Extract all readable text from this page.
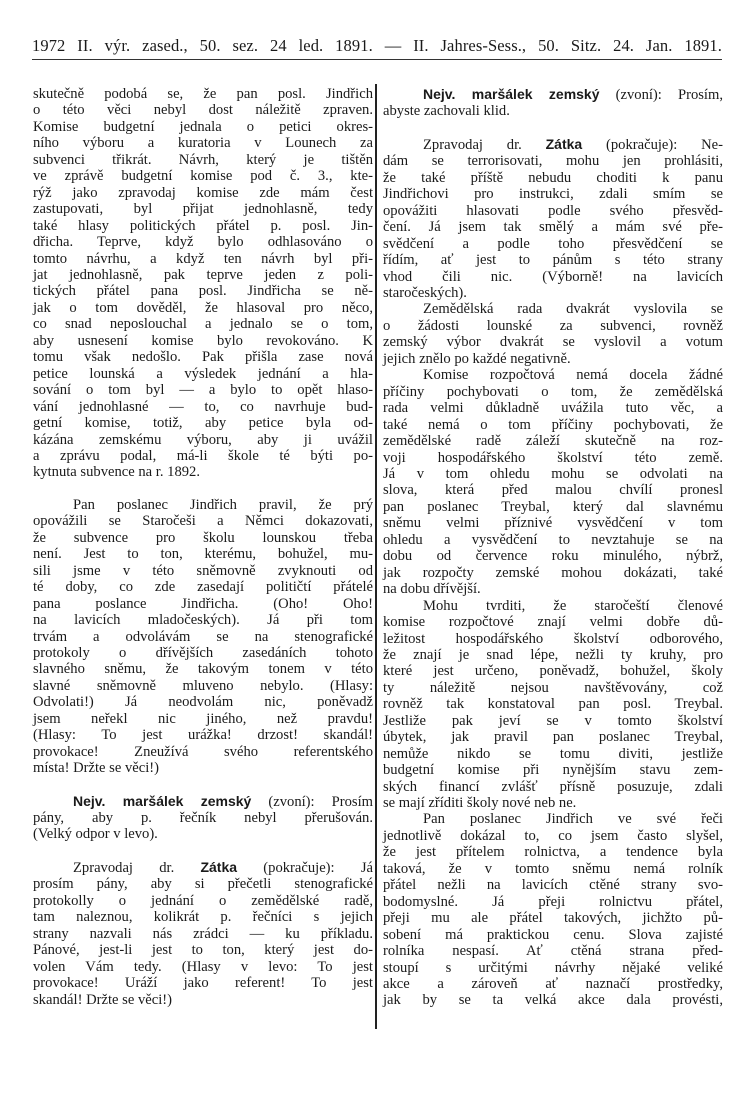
1972 II. výr. zased., 50. sez. 24 led. 1891. — II. Jahres-Sess., 50. Sitz. 24. Jan. 1891.
skutečně podobá se, že pan posl. Jindřich
o této věci nebyl dost náležitě zpraven.
Komise budgetní jednala o petici okres-
ního výboru a kuratoria v Lounech za
subvenci třikrát. Návrh, který je tištěn
ve zprávě budgetní komise pod č. 3., kte-
rýž jako zpravodaj komise zde mám čest
zastupovati, byl přijat jednohlasně, tedy
také hlasy politických přátel p. posl. Jin-
dřicha. Teprve, když bylo odhlasováno o
tomto návrhu, a když ten návrh byl při-
jat jednohlasně, pak teprve jeden z poli-
tických přátel pana posl. Jindřicha se ně-
jak o tom dověděl, že hlasoval pro něco,
co snad neposlouchal a jednalo se o tom,
aby usnesení komise bylo revokováno. K
tomu však nedošlo. Pak přišla zase nová
petice lounská a výsledek jednání a hla-
sování o tom byl — a bylo to opět hlaso-
vání jednohlasné — to, co navrhuje bud-
getní komise, totiž, aby petice byla od-
kázána zemskému výboru, aby ji uvážil
a zprávu podal, má-li škole té býti po-
kytnuta subvence na r. 1892.
Pan poslanec Jindřich pravil, že prý
opovážili se Staročeši a Němci dokazovati,
že subvence pro školu lounskou třeba
není. Jest to ton, kterému, bohužel, mu-
sili jsme v této sněmovně zvyknouti od
té doby, co zde zasedají političtí přátelé
pana poslance Jindřicha. (Oho! Oho!
na lavicích mladočeských). Já při tom
trvám a odvolávám se na stenografické
protokoly o dřívějších zasedáních tohoto
slavného sněmu, že takovým tonem v této
slavné sněmovně mluveno nebylo. (Hlasy:
Odvolati!) Já neodvolám nic, poněvadž
jsem neřekl nic jiného, než pravdu!
(Hlasy: To jest urážka! drzost! skandál!
provokace! Zneužívá svého referentského
místa! Držte se věci!)
Nejv. maršálek zemský (zvoní): Prosím
pány, aby p. řečník nebyl přerušován.
(Velký odpor v levo).
Zpravodaj dr. Zátka (pokračuje): Já
prosím pány, aby si přečetli stenografické
protokolly o jednání o zemědělské radě,
tam naleznou, kolikrát p. řečníci s jejich
strany nazvali nás zrádci — ku příkladu.
Pánové, jest-li jest to ton, který jest do-
volen Vám tedy. (Hlasy v levo: To jest
provokace! Uráží jako referent! To jest
skandál! Držte se věci!)
Nejv. maršálek zemský (zvoní): Prosím,
abyste zachovali klid.
Zpravodaj dr. Zátka (pokračuje): Ne-
dám se terrorisovati, mohu jen prohlásiti,
že také příště nebudu choditi k panu
Jindřichovi pro instrukci, zdali smím se
opovážiti hlasovati podle svého přesvěd-
čení. Já jsem tak smělý a mám své pře-
svědčení a podle toho přesvědčení se
řídím, ať jest to pánům s této strany
vhod čili nic. (Výborně! na lavicích
staročeských).
Zemědělská rada dvakrát vyslovila se
o žádosti lounské za subvenci, rovněž
zemský výbor dvakrát se vyslovil a votum
jejich znělo po každé negativně.
Komise rozpočtová nemá docela žádné
příčiny pochybovati o tom, že zemědělská
rada velmi důkladně uvážila tuto věc, a
také nemá o tom příčiny pochybovati, že
zemědělské radě záleží skutečně na roz-
voji hospodářského školství této země.
Já v tom ohledu mohu se odvolati na
slova, která před malou chvílí pronesl
pan poslanec Treybal, který dal slavnému
sněmu velmi příznivé vysvědčení v tom
ohledu a vysvědčení to nevztahuje se na
dobu od července roku minulého, nýbrž,
jak rozpočty zemské mohou dokázati, také
na dobu dřívější.
Mohu tvrditi, že staročeští členové
komise rozpočtové znají velmi dobře dů-
ležitost hospodářského školství odborového,
že znají je snad lépe, nežli ty kruhy, pro
které jest určeno, poněvadž, bohužel, školy
ty náležitě nejsou navštěvovány, což
rovněž tak konstatoval pan posl. Treybal.
Jestliže pak jeví se v tomto školství
úbytek, jak pravil pan poslanec Treybal,
nemůže nikdo se tomu diviti, jestliže
budgetní komise při nynějším stavu zem-
ských financí zvlášť přísně posuzuje, zdali
se mají zříditi školy nové neb ne.
Pan poslanec Jindřich ve své řeči
jednotlivě dokázal to, co jsem často slyšel,
že jest přítelem rolnictva, a tendence byla
taková, že v tomto sněmu nemá rolník
přátel nežli na lavicích ctěné strany svo-
bodomyslné. Já přeji rolnictvu přátel,
přeji mu ale přátel takových, jichžto pů-
sobení má praktickou cenu. Slova zajisté
rolníka nespasí. Ať ctěná strana před-
stoupí s určitými návrhy nějaké veliké
akce a zároveň ať naznačí prostředky,
jak by se ta velká akce dala provésti,
